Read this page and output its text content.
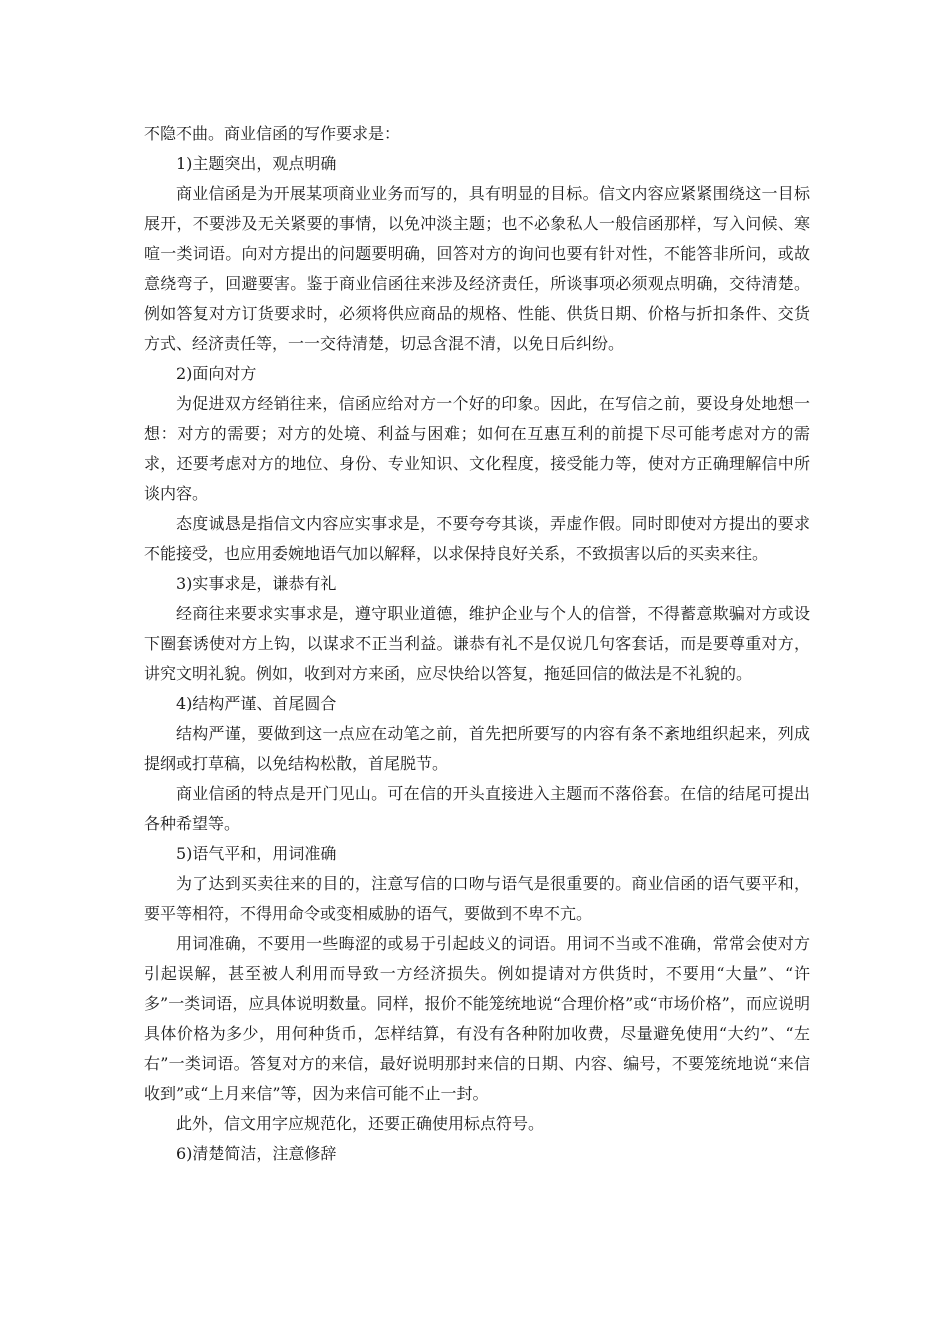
不隐不曲。商业信函的写作要求是：

1)主题突出，观点明确

商业信函是为开展某项商业业务而写的，具有明显的目标。信文内容应紧紧围绕这一目标展开，不要涉及无关紧要的事情，以免冲淡主题；也不必象私人一般信函那样，写入问候、寒喧一类词语。向对方提出的问题要明确，回答对方的询问也要有针对性，不能答非所问，或故意绕弯子，回避要害。鉴于商业信函往来涉及经济责任，所谈事项必须观点明确，交待清楚。例如答复对方订货要求时，必须将供应商品的规格、性能、供货日期、价格与折扣条件、交货方式、经济责任等，一一交待清楚，切忌含混不清，以免日后纠纷。

2)面向对方

为促进双方经销往来，信函应给对方一个好的印象。因此，在写信之前，要设身处地想一想：对方的需要；对方的处境、利益与困难；如何在互惠互利的前提下尽可能考虑对方的需求，还要考虑对方的地位、身份、专业知识、文化程度，接受能力等，使对方正确理解信中所谈内容。

态度诚恳是指信文内容应实事求是，不要夸夸其谈，弄虚作假。同时即使对方提出的要求不能接受，也应用委婉地语气加以解释，以求保持良好关系，不致损害以后的买卖来往。

3)实事求是，谦恭有礼

经商往来要求实事求是，遵守职业道德，维护企业与个人的信誉，不得蓄意欺骗对方或设下圈套诱使对方上钩，以谋求不正当利益。谦恭有礼不是仅说几句客套话，而是要尊重对方，讲究文明礼貌。例如，收到对方来函，应尽快给以答复，拖延回信的做法是不礼貌的。

4)结构严谨、首尾圆合

结构严谨，要做到这一点应在动笔之前，首先把所要写的内容有条不紊地组织起来，列成提纲或打草稿，以免结构松散，首尾脱节。

商业信函的特点是开门见山。可在信的开头直接进入主题而不落俗套。在信的结尾可提出各种希望等。

5)语气平和，用词准确

为了达到买卖往来的目的，注意写信的口吻与语气是很重要的。商业信函的语气要平和，要平等相符，不得用命令或变相威胁的语气，要做到不卑不亢。

用词准确，不要用一些晦涩的或易于引起歧义的词语。用词不当或不准确，常常会使对方引起误解，甚至被人利用而导致一方经济损失。例如提请对方供货时，不要用“大量”、“许多”一类词语，应具体说明数量。同样，报价不能笼统地说“合理价格”或“市场价格”，而应说明具体价格为多少，用何种货币，怎样结算，有没有各种附加收费，尽量避免使用“大约”、“左右”一类词语。答复对方的来信，最好说明那封来信的日期、内容、编号，不要笼统地说“来信收到”或“上月来信”等，因为来信可能不止一封。

此外，信文用字应规范化，还要正确使用标点符号。

6)清楚简洁，注意修辞
